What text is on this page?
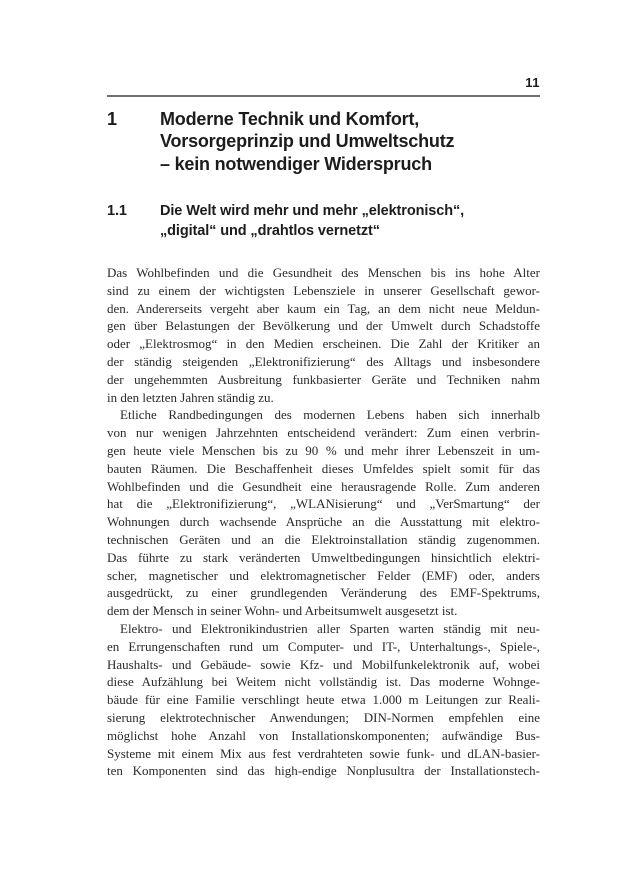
11
1	Moderne Technik und Komfort,
Vorsorgeprinzip und Umweltschutz
– kein notwendiger Widerspruch
1.1	Die Welt wird mehr und mehr „elektronisch“,
„digital“ und „drahtlos vernetzt“
Das Wohlbefinden und die Gesundheit des Menschen bis ins hohe Alter
sind zu einem der wichtigsten Lebensziele in unserer Gesellschaft gewor-
den. Andererseits vergeht aber kaum ein Tag, an dem nicht neue Meldun-
gen über Belastungen der Bevölkerung und der Umwelt durch Schadstoffe
oder „Elektrosmog“ in den Medien erscheinen. Die Zahl der Kritiker an
der ständig steigenden „Elektronifizierung“ des Alltags und insbesondere
der ungehemmten Ausbreitung funkbasierter Geräte und Techniken nahm
in den letzten Jahren ständig zu.
Etliche Randbedingungen des modernen Lebens haben sich innerhalb
von nur wenigen Jahrzehnten entscheidend verändert: Zum einen verbrin-
gen heute viele Menschen bis zu 90 % und mehr ihrer Lebenszeit in um-
bauten Räumen. Die Beschaffenheit dieses Umfeldes spielt somit für das
Wohlbefinden und die Gesundheit eine herausragende Rolle. Zum anderen
hat die „Elektronifizierung“, „WLANisierung“ und „VerSmartung“ der
Wohnungen durch wachsende Ansprüche an die Ausstattung mit elektro-
technischen Geräten und an die Elektroinstallation ständig zugenommen.
Das führte zu stark veränderten Umweltbedingungen hinsichtlich elektri-
scher, magnetischer und elektromagnetischer Felder (EMF) oder, anders
ausgedrückt, zu einer grundlegenden Veränderung des EMF-Spektrums,
dem der Mensch in seiner Wohn- und Arbeitsumwelt ausgesetzt ist.
Elektro- und Elektronikindustrien aller Sparten warten ständig mit neu-
en Errungenschaften rund um Computer- und IT-, Unterhaltungs-, Spiele-,
Haushalts- und Gebäude- sowie Kfz- und Mobilfunkelektronik auf, wobei
diese Aufzählung bei Weitem nicht vollständig ist. Das moderne Wohnge-
bäude für eine Familie verschlingt heute etwa 1.000 m Leitungen zur Reali-
sierung elektrotechnischer Anwendungen; DIN-Normen empfehlen eine
möglichst hohe Anzahl von Installationskomponenten; aufwändige Bus-
Systeme mit einem Mix aus fest verdrahteten sowie funk- und dLAN-basier-
ten Komponenten sind das high-endige Nonplusultra der Installationstech-
